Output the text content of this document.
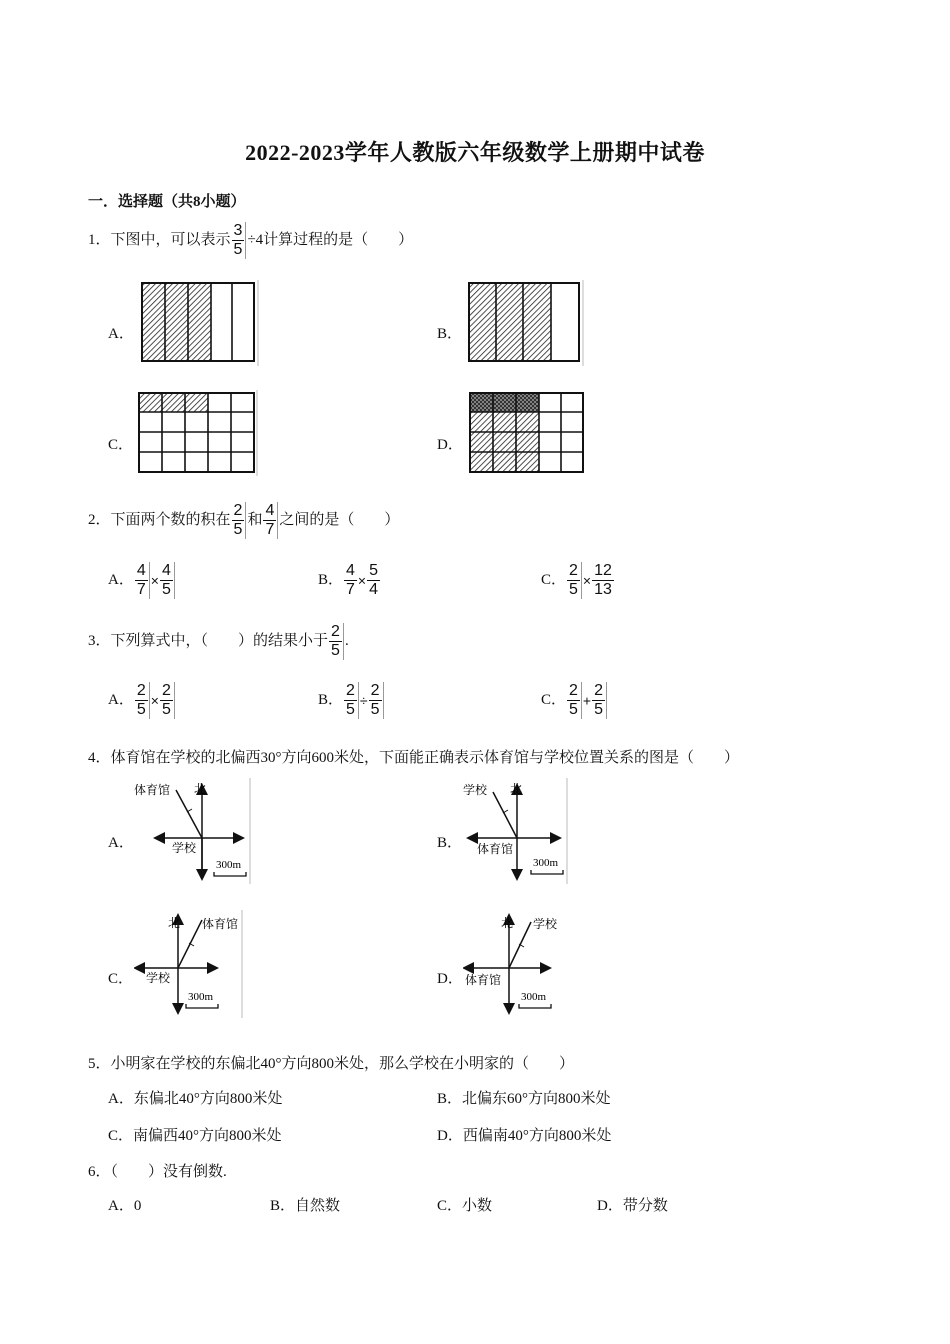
2022-2023学年人教版六年级数学上册期中试卷
一．选择题（共8小题）
1．下图中，可以表示 $\frac{3}{5} \div 4$计算过程的是（　　）
A．	B．
C．	D．
2．下面两个数的积在 $\frac{2}{5}$ 和 $\frac{4}{7}$ 之间的是（　　）
A． $\frac{4}{7} \times \frac{4}{5}$	B． $\frac{4}{7} \times \frac{5}{4}$	C． $\frac{2}{5} \times \frac{12}{13}$
3．下列算式中，（　　）的结果小于 $\frac{2}{5}$ .
A． $\frac{2}{5} \times \frac{2}{5}$	B． $\frac{2}{5} \div \frac{2}{5}$	C． $\frac{2}{5} + \frac{2}{5}$
4．体育馆在学校的北偏西30°方向600米处，下面能正确表示体育馆与学校位置关系的图是（　　）
A．
体育馆 北
学校
300m
B．
学校 北
体育馆
300m
C．
北 体育馆
学校
300m
D．
北 学校
体育馆
300m
5．小明家在学校的东偏北40°方向800米处，那么学校在小明家的（　　）
A．东偏北40°方向800米处	B．北偏东60°方向800米处
C．南偏西40°方向800米处	D．西偏南40°方向800米处
6．（　　）没有倒数.
A．0	B．自然数	C．小数	D．带分数
